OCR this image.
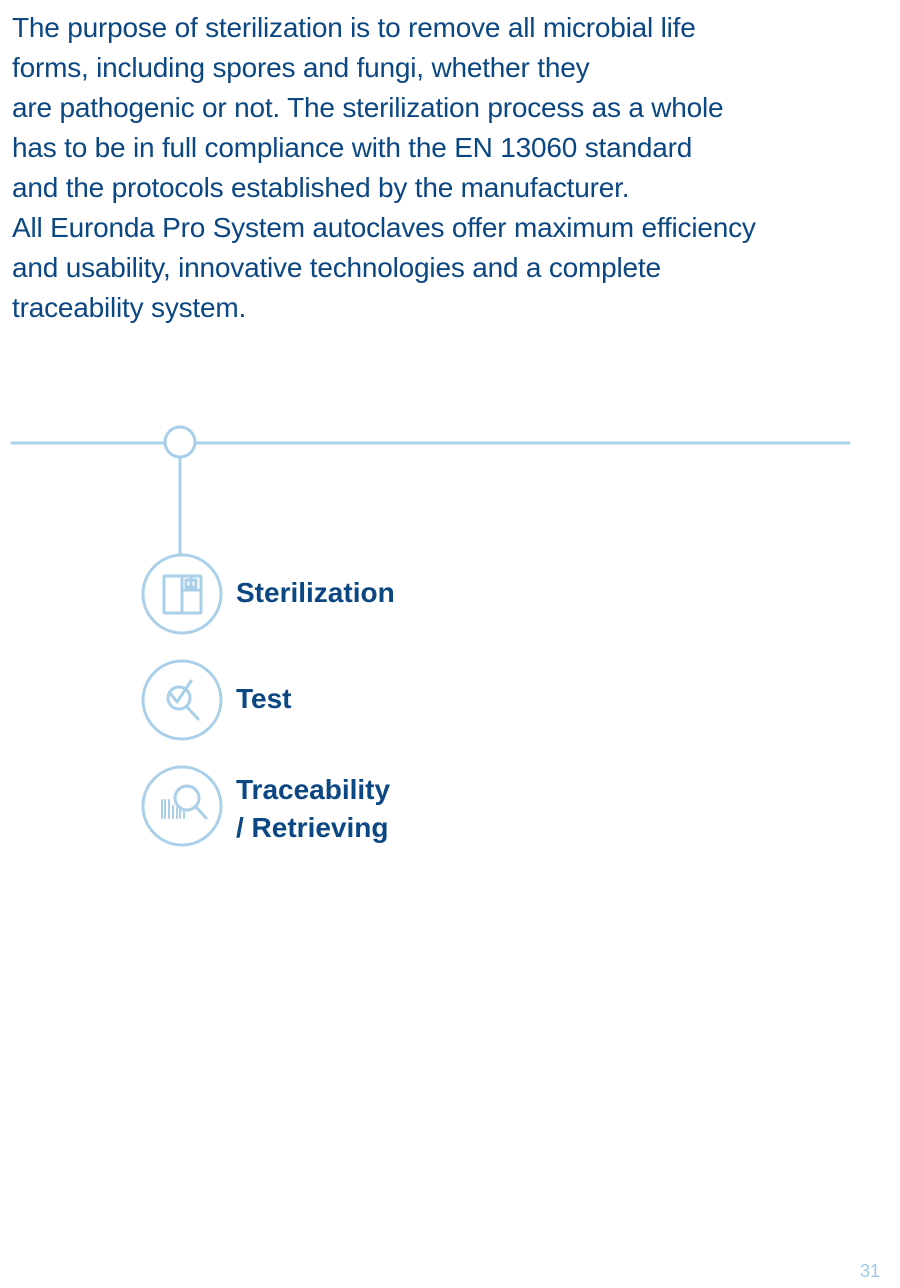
The purpose of sterilization is to remove all microbial life
forms, including spores and fungi, whether they
are pathogenic or not. The sterilization process as a whole
has to be in full compliance with the EN 13060 standard
and the protocols established by the manufacturer.
All Euronda Pro System autoclaves offer maximum efficiency
and usability, innovative technologies and a complete
traceability system.

Sterilization

Test

Traceability
/ Retrieving

31
